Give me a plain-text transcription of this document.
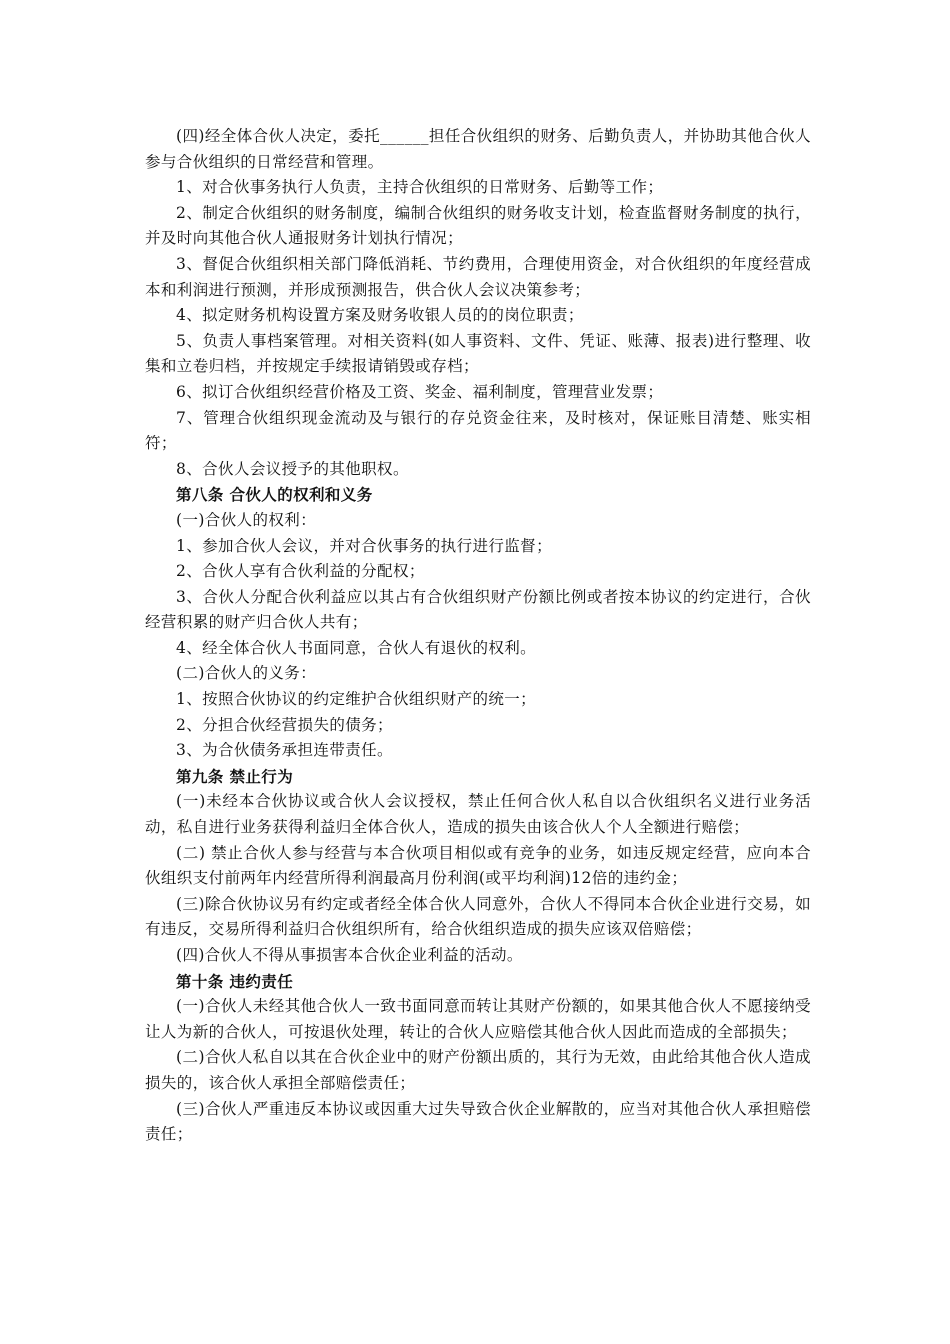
(四)经全体合伙人决定，委托______担任合伙组织的财务、后勤负责人，并协助其他合伙人参与合伙组织的日常经营和管理。

1、对合伙事务执行人负责，主持合伙组织的日常财务、后勤等工作；

2、制定合伙组织的财务制度，编制合伙组织的财务收支计划，检查监督财务制度的执行，并及时向其他合伙人通报财务计划执行情况；

3、督促合伙组织相关部门降低消耗、节约费用，合理使用资金，对合伙组织的年度经营成本和利润进行预测，并形成预测报告，供合伙人会议决策参考；

4、拟定财务机构设置方案及财务收银人员的的岗位职责；

5、负责人事档案管理。对相关资料(如人事资料、文件、凭证、账薄、报表)进行整理、收集和立卷归档，并按规定手续报请销毁或存档；

6、拟订合伙组织经营价格及工资、奖金、福利制度，管理营业发票；

7、管理合伙组织现金流动及与银行的存兑资金往来，及时核对，保证账目清楚、账实相符；

8、合伙人会议授予的其他职权。

第八条 合伙人的权利和义务

(一)合伙人的权利：

1、参加合伙人会议，并对合伙事务的执行进行监督；

2、合伙人享有合伙利益的分配权；

3、合伙人分配合伙利益应以其占有合伙组织财产份额比例或者按本协议的约定进行，合伙经营积累的财产归合伙人共有；

4、经全体合伙人书面同意，合伙人有退伙的权利。

(二)合伙人的义务：

1、按照合伙协议的约定维护合伙组织财产的统一；

2、分担合伙经营损失的债务；

3、为合伙债务承担连带责任。

第九条 禁止行为

(一)未经本合伙协议或合伙人会议授权，禁止任何合伙人私自以合伙组织名义进行业务活动，私自进行业务获得利益归全体合伙人，造成的损失由该合伙人个人全额进行赔偿；

(二) 禁止合伙人参与经营与本合伙项目相似或有竞争的业务，如违反规定经营，应向本合伙组织支付前两年内经营所得利润最高月份利润(或平均利润)12倍的违约金；

(三)除合伙协议另有约定或者经全体合伙人同意外，合伙人不得同本合伙企业进行交易，如有违反，交易所得利益归合伙组织所有，给合伙组织造成的损失应该双倍赔偿；

(四)合伙人不得从事损害本合伙企业利益的活动。

第十条 违约责任

(一)合伙人未经其他合伙人一致书面同意而转让其财产份额的，如果其他合伙人不愿接纳受让人为新的合伙人，可按退伙处理，转让的合伙人应赔偿其他合伙人因此而造成的全部损失；

(二)合伙人私自以其在合伙企业中的财产份额出质的，其行为无效，由此给其他合伙人造成损失的，该合伙人承担全部赔偿责任；

(三)合伙人严重违反本协议或因重大过失导致合伙企业解散的，应当对其他合伙人承担赔偿责任；
